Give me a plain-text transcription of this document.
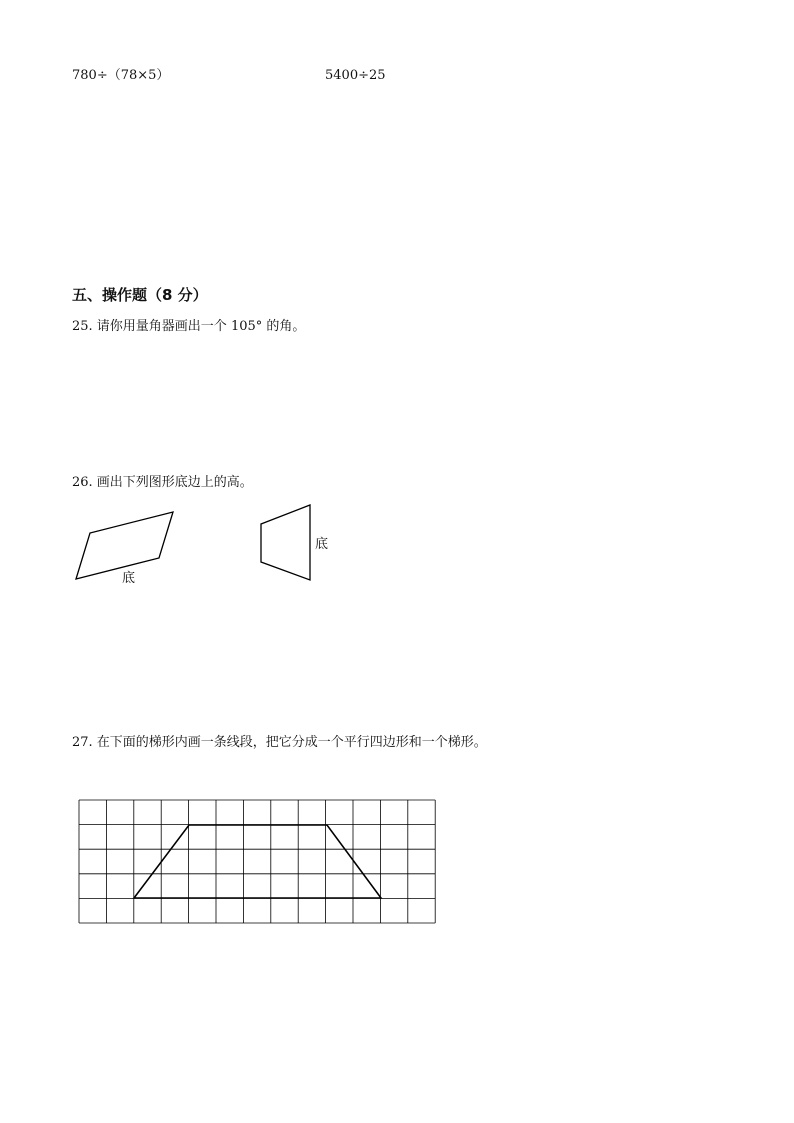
780÷（78×5）	5400÷25
五、操作题（8 分）
25. 请你用量角器画出一个 105° 的角。
26. 画出下列图形底边上的高。
底
底
27. 在下面的梯形内画一条线段，把它分成一个平行四边形和一个梯形。
